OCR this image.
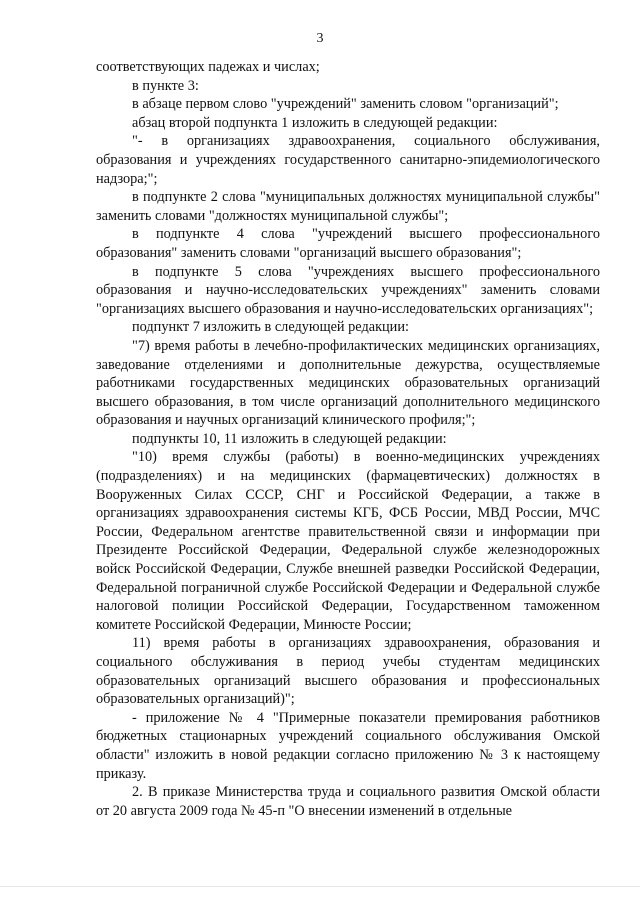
3

соответствующих падежах и числах;

в пункте 3:

в абзаце первом слово "учреждений" заменить словом "организаций";

абзац второй подпункта 1 изложить в следующей редакции:

"- в организациях здравоохранения, социального обслуживания, образования и учреждениях государственного санитарно-эпидемиологического надзора;";

в подпункте 2 слова "муниципальных должностях муниципальной службы" заменить словами "должностях муниципальной службы";

в подпункте 4 слова "учреждений высшего профессионального образования" заменить словами "организаций высшего образования";

в подпункте 5 слова "учреждениях высшего профессионального образования и научно-исследовательских учреждениях" заменить словами "организациях высшего образования и научно-исследовательских организациях";

подпункт 7 изложить в следующей редакции:

"7) время работы в лечебно-профилактических медицинских организациях, заведование отделениями и дополнительные дежурства, осуществляемые работниками государственных медицинских образовательных организаций высшего образования, в том числе организаций дополнительного медицинского образования и научных организаций клинического профиля;";

подпункты 10, 11 изложить в следующей редакции:

"10) время службы (работы) в военно-медицинских учреждениях (подразделениях) и на медицинских (фармацевтических) должностях в Вооруженных Силах СССР, СНГ и Российской Федерации, а также в организациях здравоохранения системы КГБ, ФСБ России, МВД России, МЧС России, Федеральном агентстве правительственной связи и информации при Президенте Российской Федерации, Федеральной службе железнодорожных войск Российской Федерации, Службе внешней разведки Российской Федерации, Федеральной пограничной службе Российской Федерации и Федеральной службе налоговой полиции Российской Федерации, Государственном таможенном комитете Российской Федерации, Минюсте России;

11) время работы в организациях здравоохранения, образования и социального обслуживания в период учебы студентам медицинских образовательных организаций высшего образования и профессиональных образовательных организаций)";

- приложение № 4 "Примерные показатели премирования работников бюджетных стационарных учреждений социального обслуживания Омской области" изложить в новой редакции согласно приложению № 3 к настоящему приказу.

2. В приказе Министерства труда и социального развития Омской области от 20 августа 2009 года № 45-п "О внесении изменений в отдельные
